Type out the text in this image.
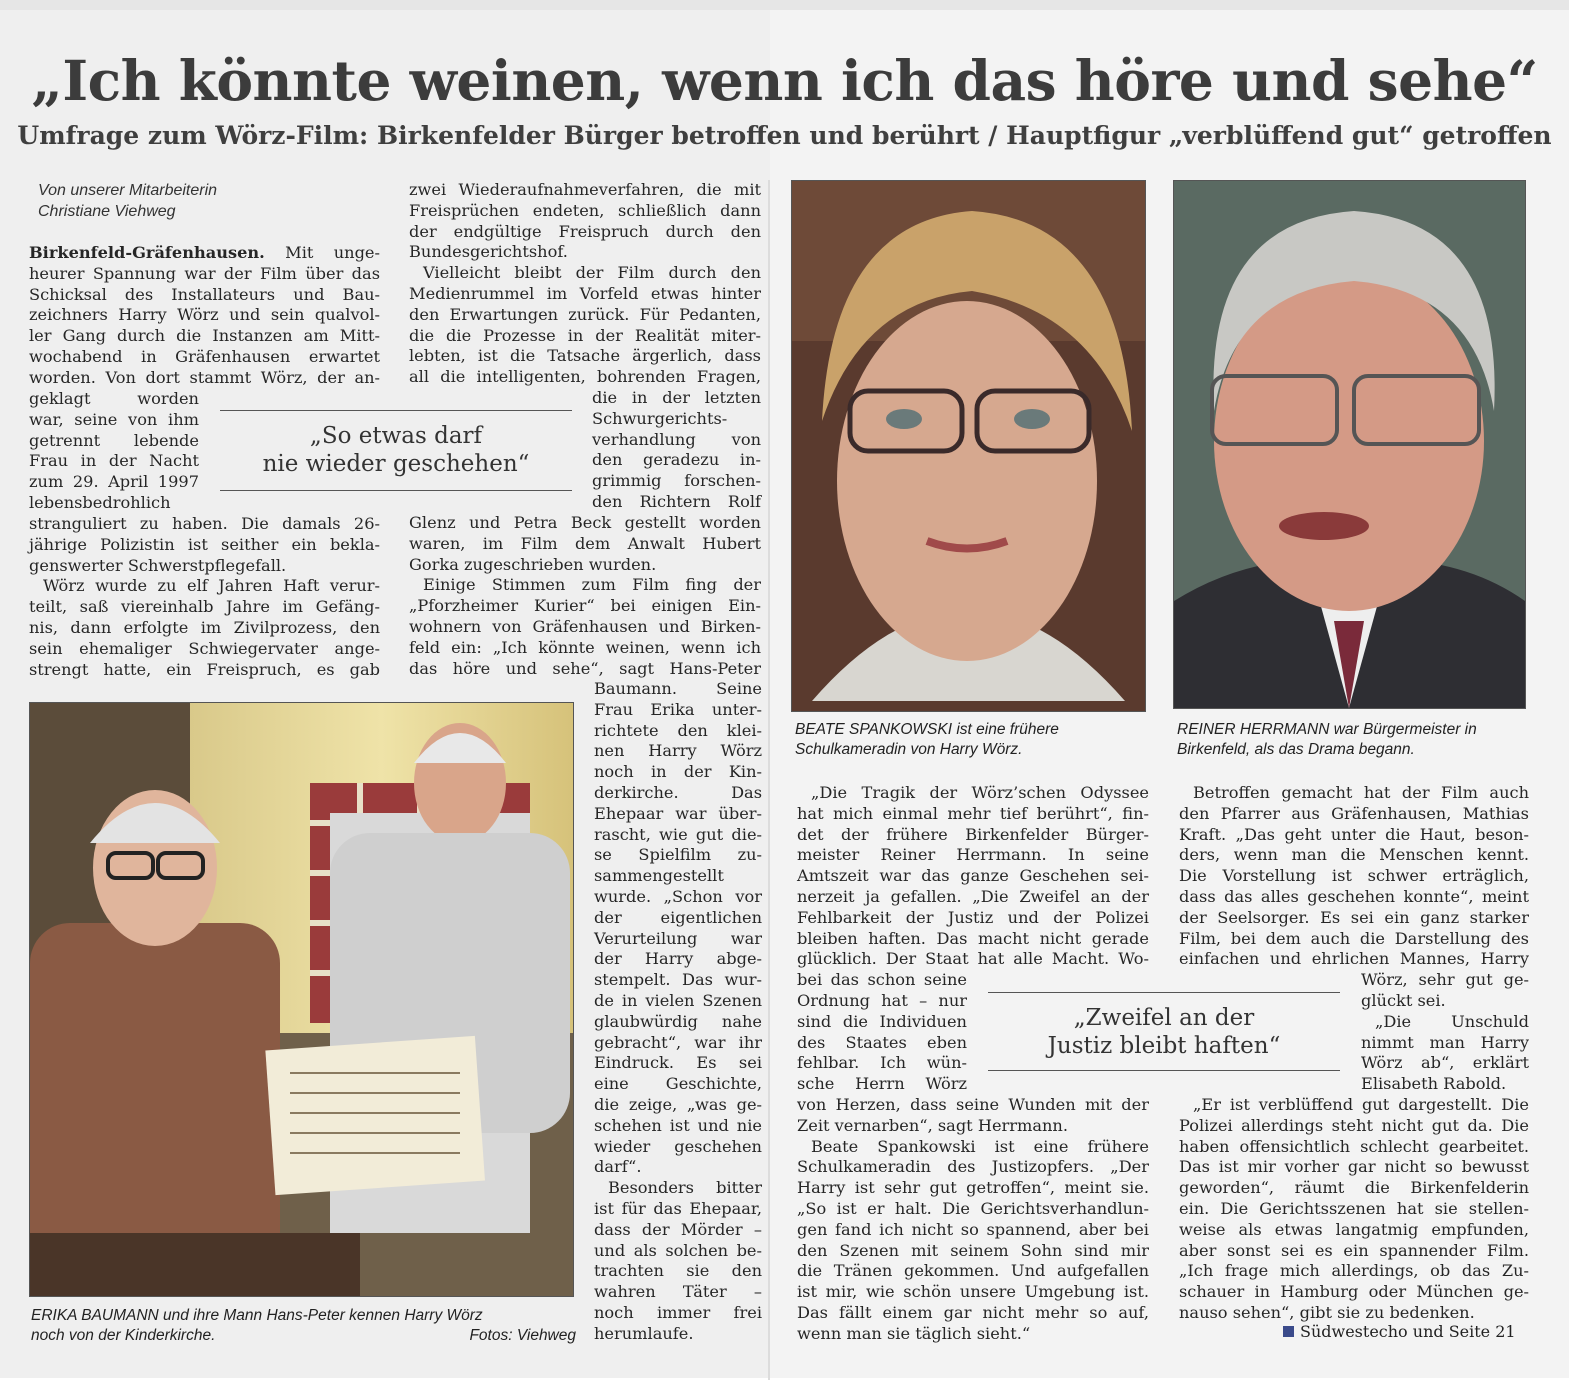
„Ich könnte weinen, wenn ich das höre und sehe“
Umfrage zum Wörz-Film: Birkenfelder Bürger betroffen und berührt / Hauptfigur „verblüffend gut“ getroffen
Von unserer Mitarbeiterin
Christiane Viehweg
Birkenfeld-Gräfenhausen. Mit unge-
heurer Spannung war der Film über das
Schicksal des Installateurs und Bau-
zeichners Harry Wörz und sein qualvol-
ler Gang durch die Instanzen am Mitt-
wochabend in Gräfenhausen erwartet
worden. Von dort stammt Wörz, der an-
geklagt worden
war, seine von ihm
getrennt lebende
Frau in der Nacht
zum 29. April 1997
lebensbedrohlich
stranguliert zu haben. Die damals 26-
jährige Polizistin ist seither ein bekla-
genswerter Schwerstpflegefall.
Wörz wurde zu elf Jahren Haft verur-
teilt, saß viereinhalb Jahre im Gefäng-
nis, dann erfolgte im Zivilprozess, den
sein ehemaliger Schwiegervater ange-
strengt hatte, ein Freispruch, es gab
zwei Wiederaufnahmeverfahren, die mit
Freisprüchen endeten, schließlich dann
der endgültige Freispruch durch den
Bundesgerichtshof.
Vielleicht bleibt der Film durch den
Medienrummel im Vorfeld etwas hinter
den Erwartungen zurück. Für Pedanten,
die die Prozesse in der Realität miter-
lebten, ist die Tatsache ärgerlich, dass
all die intelligenten, bohrenden Fragen,
die in der letzten
Schwurgerichts-
verhandlung von
den geradezu in-
grimmig forschen-
den Richtern Rolf
Glenz und Petra Beck gestellt worden
waren, im Film dem Anwalt Hubert
Gorka zugeschrieben wurden.
Einige Stimmen zum Film fing der
„Pforzheimer Kurier“ bei einigen Ein-
wohnern von Gräfenhausen und Birken-
feld ein: „Ich könnte weinen, wenn ich
das höre und sehe“, sagt Hans-Peter
„So etwas darf
nie wieder geschehen“
Baumann. Seine
Frau Erika unter-
richtete den klei-
nen Harry Wörz
noch in der Kin-
derkirche. Das
Ehepaar war über-
rascht, wie gut die-
se Spielfilm zu-
sammengestellt
wurde. „Schon vor
der eigentlichen
Verurteilung war
der Harry abge-
stempelt. Das wur-
de in vielen Szenen
glaubwürdig nahe
gebracht“, war ihr
Eindruck. Es sei
eine Geschichte,
die zeige, „was ge-
schehen ist und nie
wieder geschehen
darf“.
Besonders bitter
ist für das Ehepaar,
dass der Mörder –
und als solchen be-
trachten sie den
wahren Täter –
noch immer frei
herumlaufe.
ERIKA BAUMANN und ihre Mann Hans-Peter kennen Harry Wörz
noch von der Kinderkirche.	Fotos: Viehweg
BEATE SPANKOWSKI ist eine frühere
Schulkameradin von Harry Wörz.
REINER HERRMANN war Bürgermeister in
Birkenfeld, als das Drama begann.
„Die Tragik der Wörz’schen Odyssee
hat mich einmal mehr tief berührt“, fin-
det der frühere Birkenfelder Bürger-
meister Reiner Herrmann. In seine
Amtszeit war das ganze Geschehen sei-
nerzeit ja gefallen. „Die Zweifel an der
Fehlbarkeit der Justiz und der Polizei
bleiben haften. Das macht nicht gerade
glücklich. Der Staat hat alle Macht. Wo-
bei das schon seine
Ordnung hat – nur
sind die Individuen
des Staates eben
fehlbar. Ich wün-
sche Herrn Wörz
von Herzen, dass seine Wunden mit der
Zeit vernarben“, sagt Herrmann.
Beate Spankowski ist eine frühere
Schulkameradin des Justizopfers. „Der
Harry ist sehr gut getroffen“, meint sie.
„So ist er halt. Die Gerichtsverhandlun-
gen fand ich nicht so spannend, aber bei
den Szenen mit seinem Sohn sind mir
die Tränen gekommen. Und aufgefallen
ist mir, wie schön unsere Umgebung ist.
Das fällt einem gar nicht mehr so auf,
wenn man sie täglich sieht.“
„Zweifel an der
Justiz bleibt haften“
Betroffen gemacht hat der Film auch
den Pfarrer aus Gräfenhausen, Mathias
Kraft. „Das geht unter die Haut, beson-
ders, wenn man die Menschen kennt.
Die Vorstellung ist schwer erträglich,
dass das alles geschehen konnte“, meint
der Seelsorger. Es sei ein ganz starker
Film, bei dem auch die Darstellung des
einfachen und ehrlichen Mannes, Harry
Wörz, sehr gut ge-
glückt sei.
„Die Unschuld
nimmt man Harry
Wörz ab“, erklärt
Elisabeth Rabold.
„Er ist verblüffend gut dargestellt. Die
Polizei allerdings steht nicht gut da. Die
haben offensichtlich schlecht gearbeitet.
Das ist mir vorher gar nicht so bewusst
geworden“, räumt die Birkenfelderin
ein. Die Gerichtsszenen hat sie stellen-
weise als etwas langatmig empfunden,
aber sonst sei es ein spannender Film.
„Ich frage mich allerdings, ob das Zu-
schauer in Hamburg oder München ge-
nauso sehen“, gibt sie zu bedenken.
Südwestecho und Seite 21
